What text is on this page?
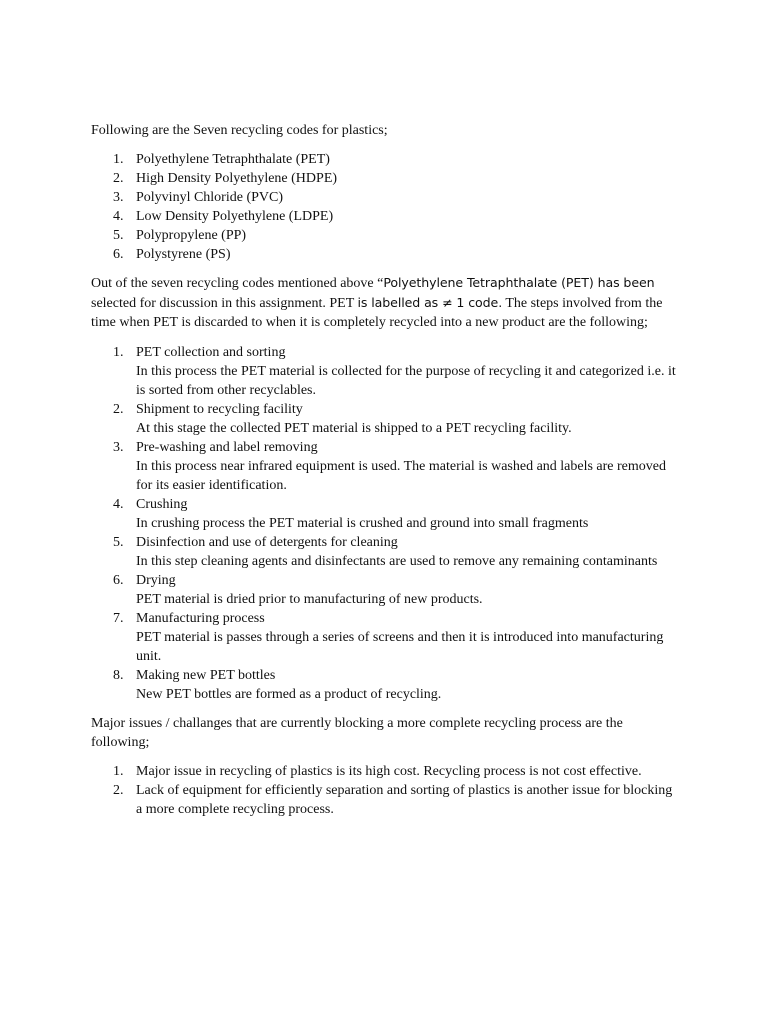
Following are the Seven recycling codes for plastics;

1. Polyethylene Tetraphthalate (PET)
2. High Density Polyethylene (HDPE)
3. Polyvinyl Chloride (PVC)
4. Low Density Polyethylene (LDPE)
5. Polypropylene (PP)
6. Polystyrene (PS)

Out of the seven recycling codes mentioned above “Polyethylene Tetraphthalate (PET) has been selected for discussion in this assignment. PET is labelled as ≠ 1 code. The steps involved from the time when PET is discarded to when it is completely recycled into a new product are the following;

1. PET collection and sorting
In this process the PET material is collected for the purpose of recycling it and categorized i.e. it is sorted from other recyclables.
2. Shipment to recycling facility
At this stage the collected PET material is shipped to a PET recycling facility.
3. Pre-washing and label removing
In this process near infrared equipment is used. The material is washed and labels are removed for its easier identification.
4. Crushing
In crushing process the PET material is crushed and ground into small fragments
5. Disinfection and use of detergents for cleaning
In this step cleaning agents and disinfectants are used to remove any remaining contaminants
6. Drying
PET material is dried prior to manufacturing of new products.
7. Manufacturing process
PET material is passes through a series of screens and then it is introduced into manufacturing unit.
8. Making new PET bottles
New PET bottles are formed as a product of recycling.

Major issues / challanges that are currently blocking a more complete recycling process are the following;

1. Major issue in recycling of plastics is its high cost. Recycling process is not cost effective.
2. Lack of equipment for efficiently separation and sorting of plastics is another issue for blocking a more complete recycling process.
